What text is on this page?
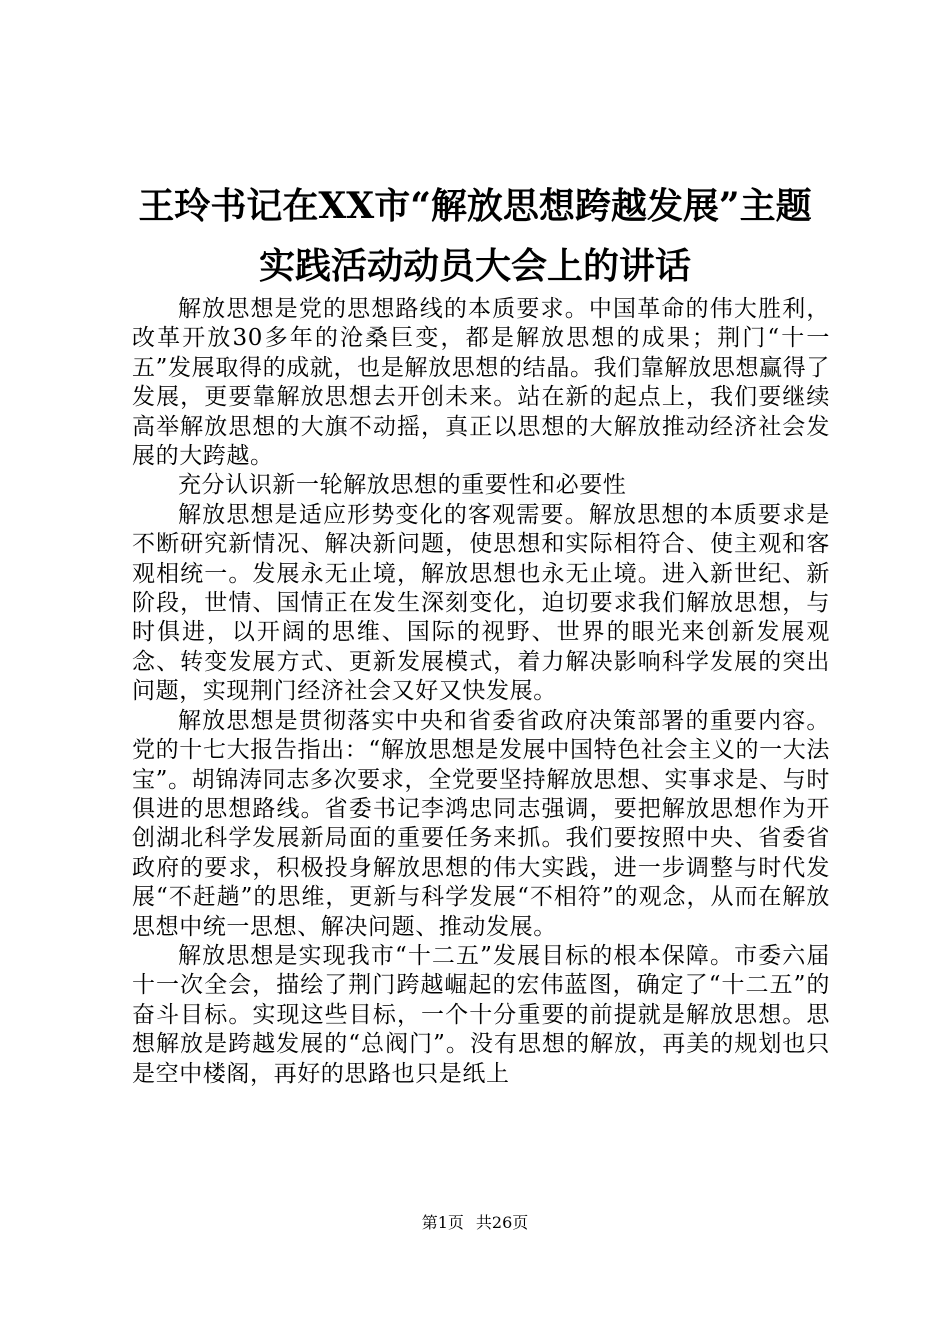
王玲书记在XX市“解放思想跨越发展”主题
实践活动动员大会上的讲话

解放思想是党的思想路线的本质要求。中国革命的伟大胜利，改革开放30多年的沧桑巨变，都是解放思想的成果；荆门“十一五”发展取得的成就，也是解放思想的结晶。我们靠解放思想赢得了发展，更要靠解放思想去开创未来。站在新的起点上，我们要继续高举解放思想的大旗不动摇，真正以思想的大解放推动经济社会发展的大跨越。

充分认识新一轮解放思想的重要性和必要性

解放思想是适应形势变化的客观需要。解放思想的本质要求是不断研究新情况、解决新问题，使思想和实际相符合、使主观和客观相统一。发展永无止境，解放思想也永无止境。进入新世纪、新阶段，世情、国情正在发生深刻变化，迫切要求我们解放思想，与时俱进，以开阔的思维、国际的视野、世界的眼光来创新发展观念、转变发展方式、更新发展模式，着力解决影响科学发展的突出问题，实现荆门经济社会又好又快发展。

解放思想是贯彻落实中央和省委省政府决策部署的重要内容。党的十七大报告指出：“解放思想是发展中国特色社会主义的一大法宝”。胡锦涛同志多次要求，全党要坚持解放思想、实事求是、与时俱进的思想路线。省委书记李鸿忠同志强调，要把解放思想作为开创湖北科学发展新局面的重要任务来抓。我们要按照中央、省委省政府的要求，积极投身解放思想的伟大实践，进一步调整与时代发展“不赶趟”的思维，更新与科学发展“不相符”的观念，从而在解放思想中统一思想、解决问题、推动发展。

解放思想是实现我市“十二五”发展目标的根本保障。市委六届十一次全会，描绘了荆门跨越崛起的宏伟蓝图，确定了“十二五”的奋斗目标。实现这些目标，一个十分重要的前提就是解放思想。思想解放是跨越发展的“总阀门”。没有思想的解放，再美的规划也只是空中楼阁，再好的思路也只是纸上

第1页 共26页
